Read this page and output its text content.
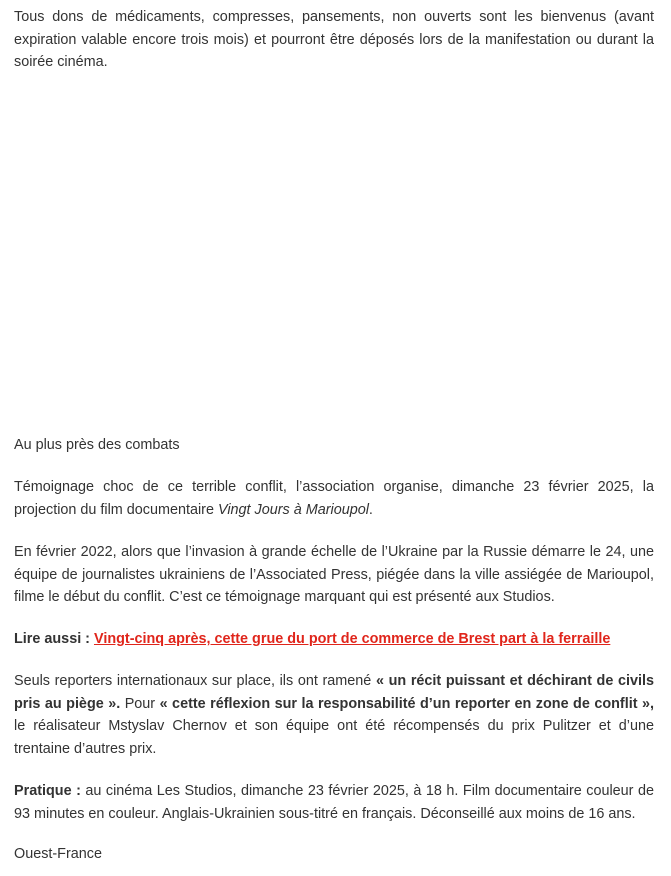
Tous dons de médicaments, compresses, pansements, non ouverts sont les bienvenus (avant expiration valable encore trois mois) et pourront être déposés lors de la manifestation ou durant la soirée cinéma.

Au plus près des combats

Témoignage choc de ce terrible conflit, l’association organise, dimanche 23 février 2025, la projection du film documentaire Vingt Jours à Marioupol.

En février 2022, alors que l’invasion à grande échelle de l’Ukraine par la Russie démarre le 24, une équipe de journalistes ukrainiens de l’Associated Press, piégée dans la ville assiégée de Marioupol, filme le début du conflit. C’est ce témoignage marquant qui est présenté aux Studios.

Lire aussi : Vingt-cinq après, cette grue du port de commerce de Brest part à la ferraille

Seuls reporters internationaux sur place, ils ont ramené « un récit puissant et déchirant de civils pris au piège ». Pour « cette réflexion sur la responsabilité d’un reporter en zone de conflit », le réalisateur Mstyslav Chernov et son équipe ont été récompensés du prix Pulitzer et d’une trentaine d’autres prix.

Pratique : au cinéma Les Studios, dimanche 23 février 2025, à 18 h. Film documentaire couleur de 93 minutes en couleur. Anglais-Ukrainien sous-titré en français. Déconseillé aux moins de 16 ans.

Ouest-France
